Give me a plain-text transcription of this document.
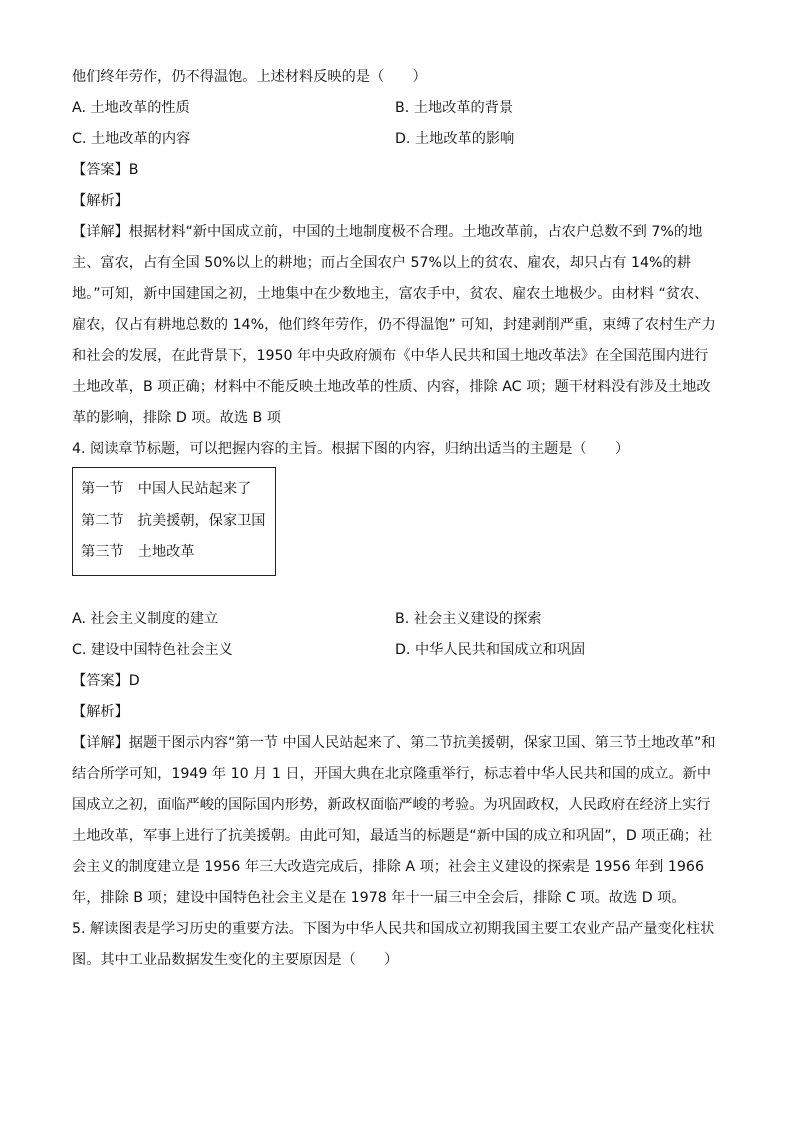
他们终年劳作，仍不得温饱。上述材料反映的是（　　）
A. 土地改革的性质	B. 土地改革的背景
C. 土地改革的内容	D. 土地改革的影响
【答案】B
【解析】
【详解】根据材料“新中国成立前，中国的土地制度极不合理。土地改革前，占农户总数不到 7%的地主、富农，占有全国 50%以上的耕地；而占全国农户 57%以上的贫农、雇农，却只占有 14%的耕地。”可知，新中国建国之初，土地集中在少数地主，富农手中，贫农、雇农土地极少。由材料 “贫农、雇农，仅占有耕地总数的 14%，他们终年劳作，仍不得温饱” 可知，封建剥削严重，束缚了农村生产力和社会的发展，在此背景下，1950 年中央政府颁布《中华人民共和国土地改革法》在全国范围内进行土地改革，B 项正确；材料中不能反映土地改革的性质、内容，排除 AC 项；题干材料没有涉及土地改革的影响，排除 D 项。故选 B 项
4. 阅读章节标题，可以把握内容的主旨。根据下图的内容，归纳出适当的主题是（　　）
第一节　中国人民站起来了
第二节　抗美援朝，保家卫国
第三节　土地改革
A. 社会主义制度的建立	B. 社会主义建设的探索
C. 建设中国特色社会主义	D. 中华人民共和国成立和巩固
【答案】D
【解析】
【详解】据题干图示内容“第一节 中国人民站起来了、第二节抗美援朝，保家卫国、第三节土地改革”和结合所学可知，1949 年 10 月 1 日，开国大典在北京隆重举行，标志着中华人民共和国的成立。新中国成立之初，面临严峻的国际国内形势，新政权面临严峻的考验。为巩固政权，人民政府在经济上实行土地改革，军事上进行了抗美援朝。由此可知，最适当的标题是“新中国的成立和巩固”，D 项正确；社会主义的制度建立是 1956 年三大改造完成后，排除 A 项；社会主义建设的探索是 1956 年到 1966 年，排除 B 项；建设中国特色社会主义是在 1978 年十一届三中全会后，排除 C 项。故选 D 项。
5. 解读图表是学习历史的重要方法。下图为中华人民共和国成立初期我国主要工农业产品产量变化柱状图。其中工业品数据发生变化的主要原因是（　　）
